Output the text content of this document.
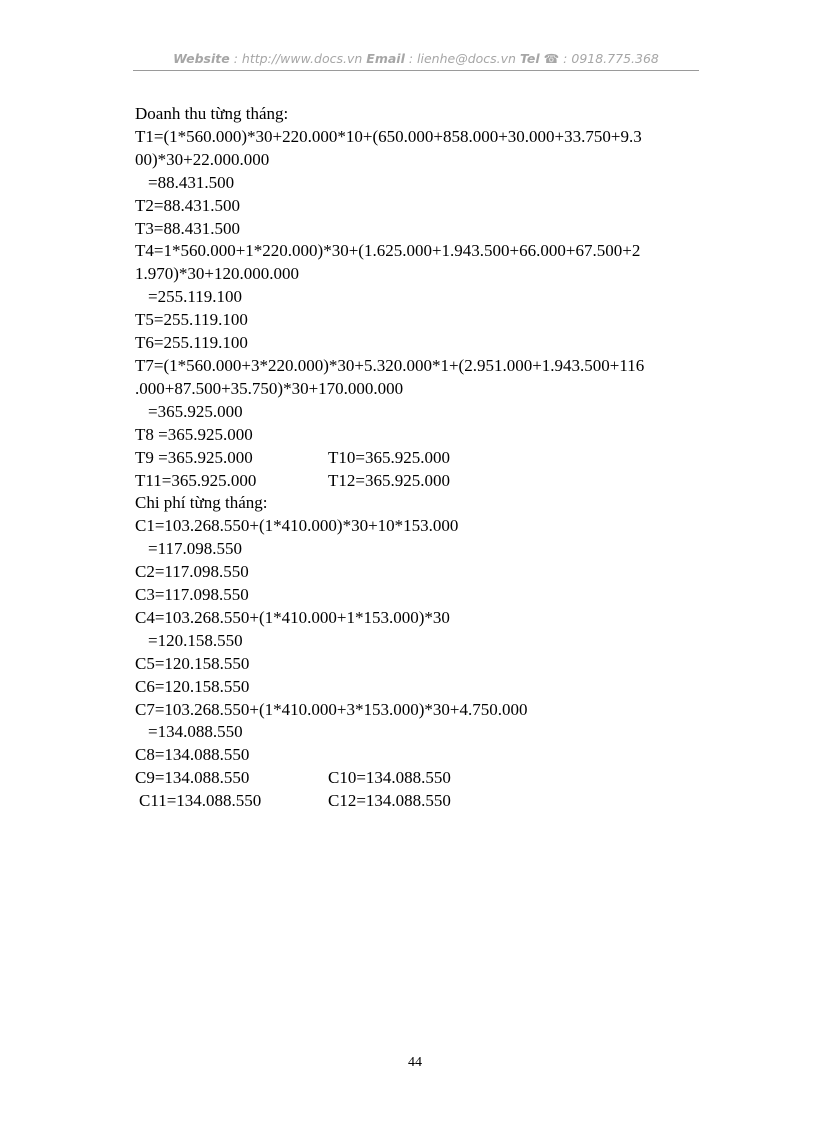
Website : http://www.docs.vn Email : lienhe@docs.vn Tel ☎ : 0918.775.368
Doanh thu từng tháng:
T1=(1*560.000)*30+220.000*10+(650.000+858.000+30.000+33.750+9.3
00)*30+22.000.000
=88.431.500
T2=88.431.500
T3=88.431.500
T4=1*560.000+1*220.000)*30+(1.625.000+1.943.500+66.000+67.500+2
1.970)*30+120.000.000
=255.119.100
T5=255.119.100
T6=255.119.100
T7=(1*560.000+3*220.000)*30+5.320.000*1+(2.951.000+1.943.500+116
.000+87.500+35.750)*30+170.000.000
=365.925.000
T8 =365.925.000
T9 =365.925.000	T10=365.925.000
T11=365.925.000	T12=365.925.000
Chi phí từng tháng:
C1=103.268.550+(1*410.000)*30+10*153.000
=117.098.550
C2=117.098.550
C3=117.098.550
C4=103.268.550+(1*410.000+1*153.000)*30
=120.158.550
C5=120.158.550
C6=120.158.550
C7=103.268.550+(1*410.000+3*153.000)*30+4.750.000
=134.088.550
C8=134.088.550
C9=134.088.550	C10=134.088.550
C11=134.088.550	C12=134.088.550
44
